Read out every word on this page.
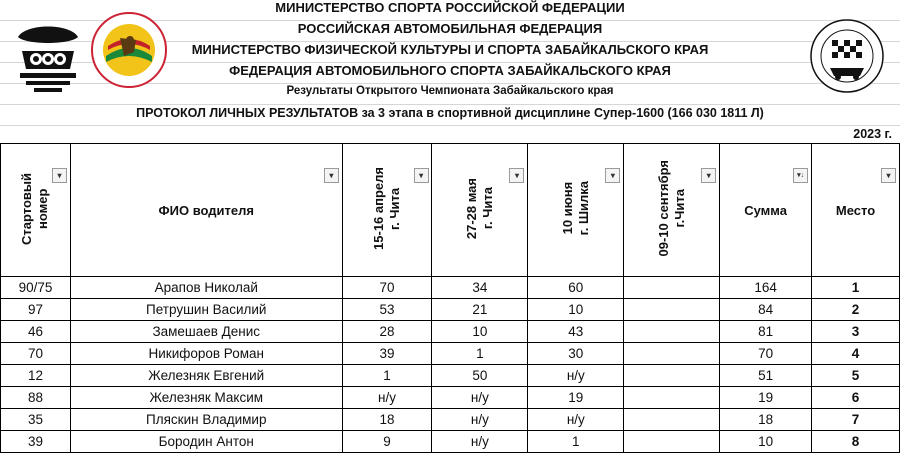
МИНИСТЕРСТВО СПОРТА РОССИЙСКОЙ ФЕДЕРАЦИИ
РОССИЙСКАЯ АВТОМОБИЛЬНАЯ ФЕДЕРАЦИЯ
МИНИСТЕРСТВО ФИЗИЧЕСКОЙ КУЛЬТУРЫ И СПОРТА ЗАБАЙКАЛЬСКОГО КРАЯ
ФЕДЕРАЦИЯ АВТОМОБИЛЬНОГО СПОРТА ЗАБАЙКАЛЬСКОГО КРАЯ
Результаты Открытого Чемпионата Забайкальского края
ПРОТОКОЛ ЛИЧНЫХ РЕЗУЛЬТАТОВ за 3 этапа в спортивной дисциплине Супер-1600 (166 030 1811 Л)
2023 г.
Стартовый
номер
▾	ФИО водителя
▾	15-16 апреля
г. Чита
▾	27-28 мая
г. Чита
▾	10 июня
г. Шилка
▾	09-10 сентября
г.Чита
▾	Сумма
▾↓	Место
▾

90/75	Арапов Николай	70	34	60		164	1
97	Петрушин Василий	53	21	10		84	2
46	Замешаев Денис	28	10	43		81	3
70	Никифоров Роман	39	1	30		70	4
12	Железняк Евгений	1	50	н/у		51	5
88	Железняк Максим	н/у	н/у	19		19	6
35	Пляскин Владимир	18	н/у	н/у		18	7
39	Бородин Антон	9	н/у	1		10	8
